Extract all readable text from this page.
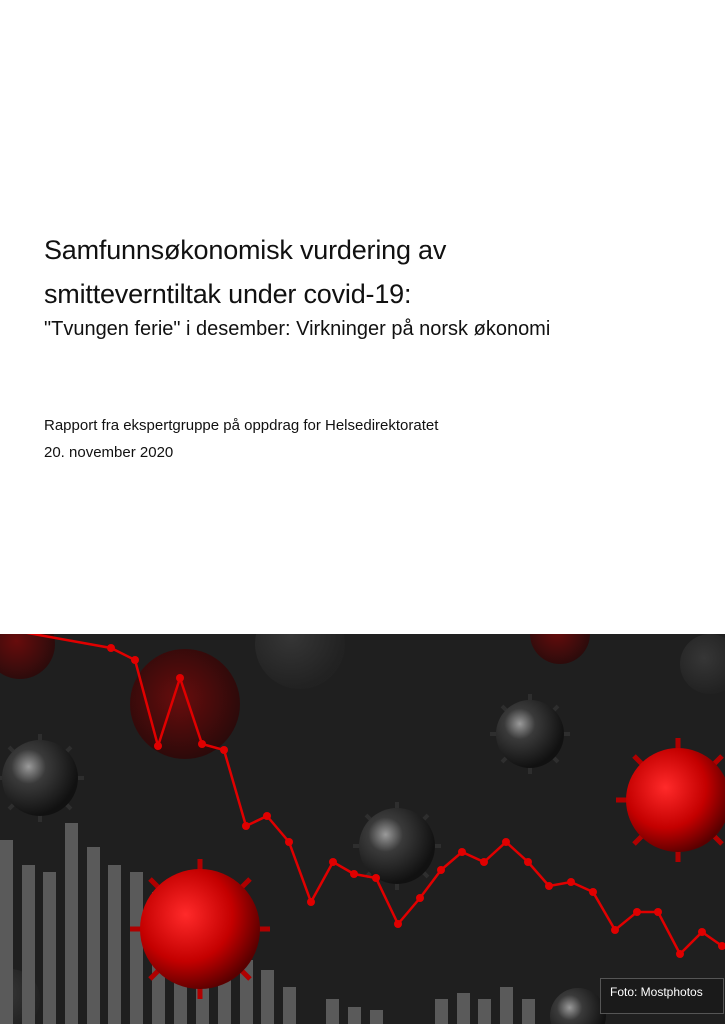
Samfunnsøkonomisk vurdering av
smitteverntiltak under covid-19:
"Tvungen ferie" i desember: Virkninger på norsk økonomi
Rapport fra ekspertgruppe på oppdrag for Helsedirektoratet
20. november 2020
Foto: Mostphotos
